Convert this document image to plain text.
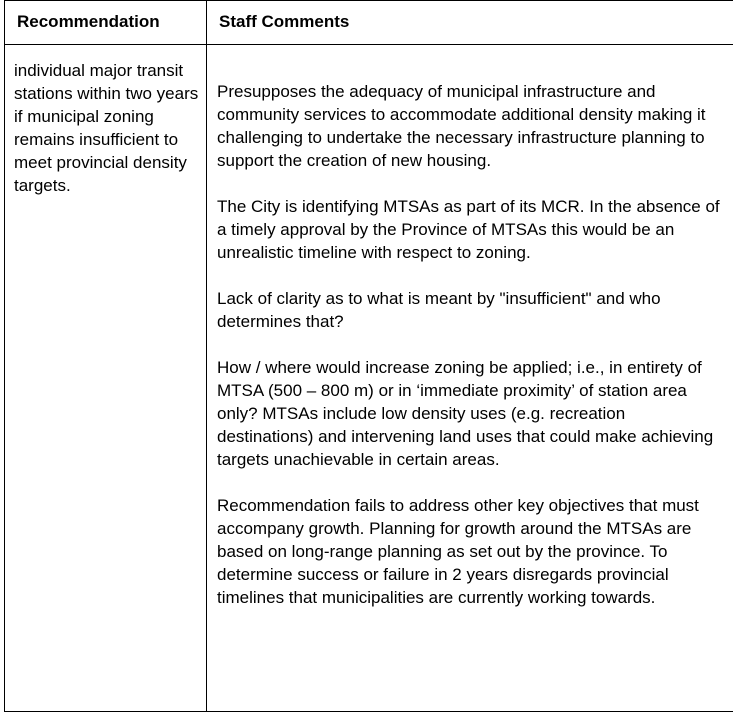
Recommendation	Staff Comments
individual major transit stations within two years if municipal zoning remains insufficient to meet provincial density targets.	Presupposes the adequacy of municipal infrastructure and community services to accommodate additional density making it challenging to undertake the necessary infrastructure planning to support the creation of new housing.

The City is identifying MTSAs as part of its MCR. In the absence of a timely approval by the Province of MTSAs this would be an unrealistic timeline with respect to zoning.

Lack of clarity as to what is meant by "insufficient" and who determines that?

How / where would increase zoning be applied; i.e., in entirety of MTSA (500 – 800 m) or in ‘immediate proximity’ of station area only? MTSAs include low density uses (e.g. recreation destinations) and intervening land uses that could make achieving targets unachievable in certain areas.

Recommendation fails to address other key objectives that must accompany growth. Planning for growth around the MTSAs are based on long-range planning as set out by the province. To determine success or failure in 2 years disregards provincial timelines that municipalities are currently working towards.
